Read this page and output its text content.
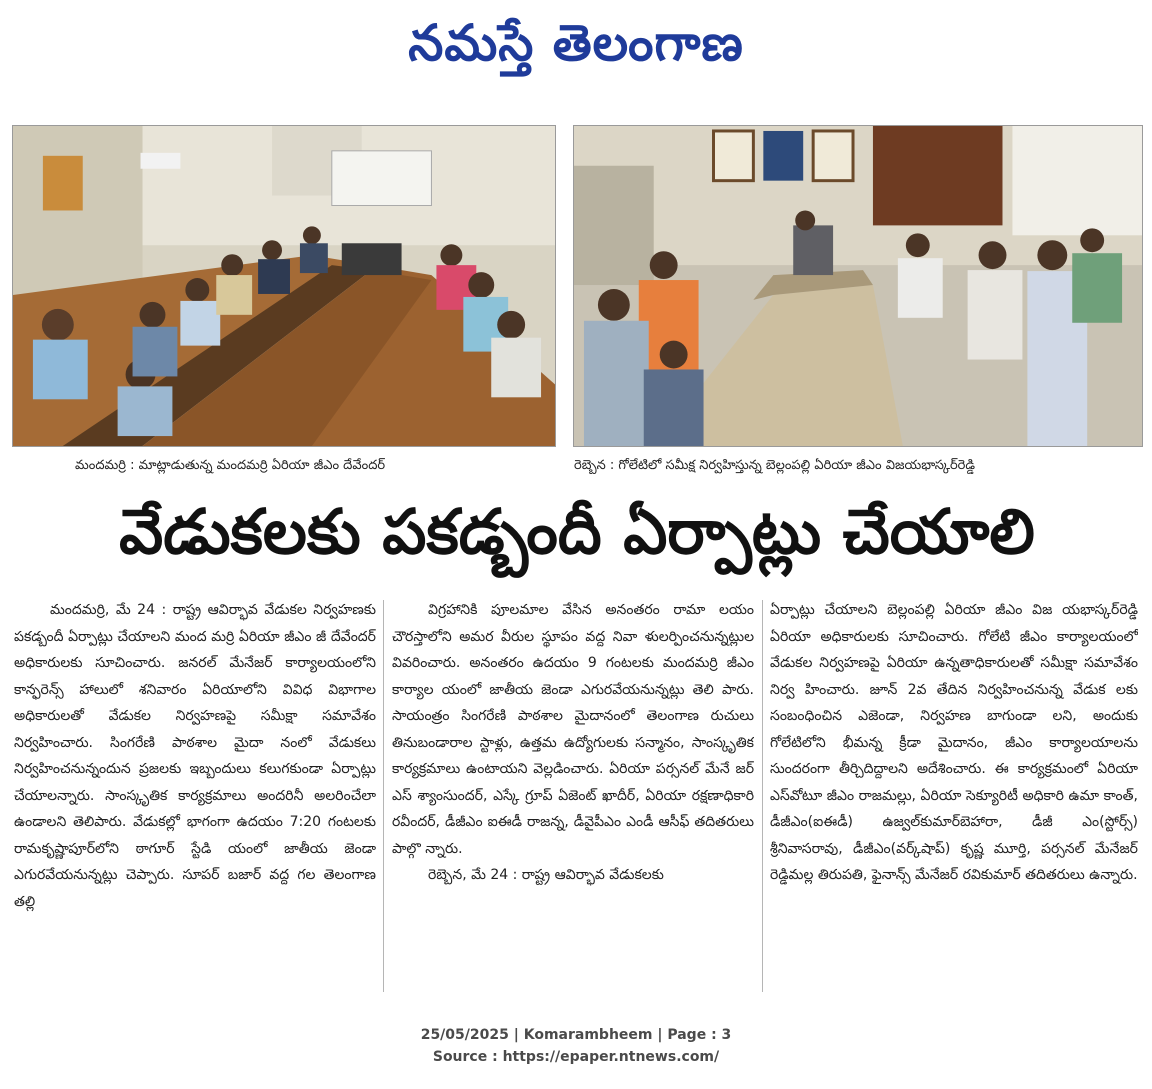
నమస్తే తెలంగాణ
మందమర్రి : మాట్లాడుతున్న మందమర్రి ఏరియా జీఎం దేవేందర్	రెబ్బెన : గోలేటిలో సమీక్ష నిర్వహిస్తున్న బెల్లంపల్లి ఏరియా జీఎం విజయభాస్కర్‌రెడ్డి
వేడుకలకు పకడ్బందీ ఏర్పాట్లు చేయాలి

మందమర్రి, మే 24 : రాష్ట్ర ఆవిర్భావ వేడుకల నిర్వహణకు పకడ్బందీ ఏర్పాట్లు చేయాలని మంద మర్రి ఏరియా జీఎం జీ దేవేందర్ అధికారులకు సూచించారు. జనరల్ మేనేజర్ కార్యాలయంలోని కాన్ఫరెన్స్ హాలులో శనివారం ఏరియాలోని వివిధ విభాగాల అధికారులతో వేడుకల నిర్వహణపై సమీక్షా సమావేశం నిర్వహించారు. సింగరేణి పాఠశాల మైదా నంలో వేడుకలు నిర్వహించనున్నందున ప్రజలకు ఇబ్బందులు కలుగకుండా ఏర్పాట్లు చేయాలన్నారు. సాంస్కృతిక కార్యక్రమాలు అందరినీ అలరించేలా ఉండాలని తెలిపారు. వేడుకల్లో భాగంగా ఉదయం 7:20 గంటలకు రామకృష్ణాపూర్‌లోని ఠాగూర్ స్టేడి యంలో జాతీయ జెండా ఎగురవేయనున్నట్లు చెప్పారు. సూపర్ బజార్ వద్ద గల తెలంగాణ తల్లి

విగ్రహానికి పూలమాల వేసిన అనంతరం రామా లయం చౌరస్తాలోని అమర వీరుల స్థూపం వద్ద నివా ళులర్పించనున్నట్లుల వివరించారు. అనంతరం ఉదయం 9 గంటలకు మందమర్రి జీఎం కార్యాల యంలో జాతీయ జెండా ఎగురవేయనున్నట్లు తెలి పారు. సాయంత్రం సింగరేణి పాఠశాల మైదానంలో తెలంగాణ రుచులు తినుబండారాల స్టాళ్లు, ఉత్తమ ఉద్యోగులకు సన్మానం, సాంస్కృతిక కార్యక్రమాలు ఉంటాయని వెల్లడించారు. ఏరియా పర్సనల్ మేనే జర్ ఎస్ శ్యాంసుందర్, ఎస్కే గ్రూప్ ఏజెంట్ ఖాదీర్, ఏరియా రక్షణాధికారి రవీందర్, డీజీఎం ఐఈడీ రాజన్న, డీవైపీఎం ఎండీ ఆసీఫ్ తదితరులు పాల్గొ న్నారు.

రెబ్బెన, మే 24 : రాష్ట్ర ఆవిర్భావ వేడుకలకు

ఏర్పాట్లు చేయాలని బెల్లంపల్లి ఏరియా జీఎం విజ యభాస్కర్‌రెడ్డి ఏరియా అధికారులకు సూచించారు. గోలేటి జీఎం కార్యాలయంలో వేడుకల నిర్వహణపై ఏరియా ఉన్నతాధికారులతో సమీక్షా సమావేశం నిర్వ హించారు. జూన్ 2వ తేదిన నిర్వహించనున్న వేడుక లకు సంబంధించిన ఎజెండా, నిర్వహణ బాగుండా లని, అందుకు గోలేటిలోని భీమన్న క్రీడా మైదానం, జీఎం కార్యాలయాలను సుందరంగా తీర్చిదిద్దాలని అదేశించారు. ఈ కార్యక్రమంలో ఏరియా ఎస్‌వోటూ జీఎం రాజమల్లు, ఏరియా సెక్యూరిటీ అధికారి ఉమా కాంత్, డీజీఎం(ఐఈడీ) ఉజ్వల్‌కుమార్‌బెహారా, డీజీ ఎం(స్టోర్స్) శ్రీనివాసరావు, డీజీఎం(వర్క్‌షాప్) కృష్ణ మూర్తి, పర్సనల్ మేనేజర్ రెడ్డిమల్ల తిరుపతి, ఫైనాన్స్ మేనేజర్ రవికుమార్ తదితరులు ఉన్నారు.

25/05/2025 | Komarambheem | Page : 3
Source : https://epaper.ntnews.com/
